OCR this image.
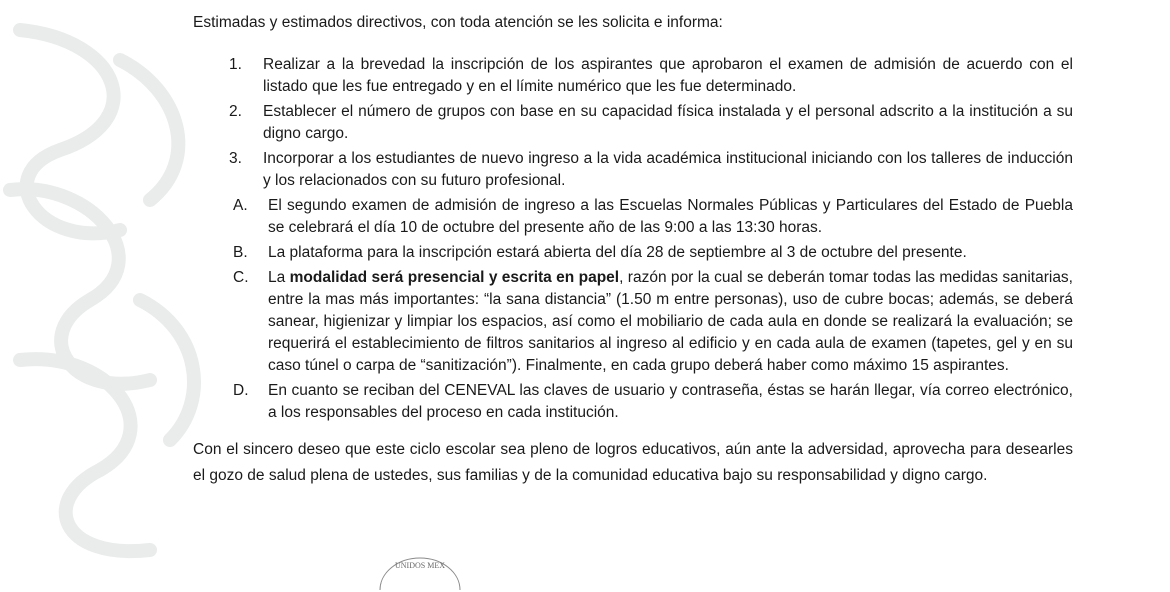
Estimadas y estimados directivos, con toda atención se les solicita e informa:

1. Realizar a la brevedad la inscripción de los aspirantes que aprobaron el examen de admisión de acuerdo con el listado que les fue entregado y en el límite numérico que les fue determinado.
2. Establecer el número de grupos con base en su capacidad física instalada y el personal adscrito a la institución a su digno cargo.
3. Incorporar a los estudiantes de nuevo ingreso a la vida académica institucional iniciando con los talleres de inducción y los relacionados con su futuro profesional.
A. El segundo examen de admisión de ingreso a las Escuelas Normales Públicas y Particulares del Estado de Puebla se celebrará el día 10 de octubre del presente año de las 9:00 a las 13:30 horas.
B. La plataforma para la inscripción estará abierta del día 28 de septiembre al 3 de octubre del presente.
C. La modalidad será presencial y escrita en papel, razón por la cual se deberán tomar todas las medidas sanitarias, entre la mas más importantes: “la sana distancia” (1.50 m entre personas), uso de cubre bocas; además, se deberá sanear, higienizar y limpiar los espacios, así como el mobiliario de cada aula en donde se realizará la evaluación; se requerirá el establecimiento de filtros sanitarios al ingreso al edificio y en cada aula de examen (tapetes, gel y en su caso túnel o carpa de “sanitización”). Finalmente, en cada grupo deberá haber como máximo 15 aspirantes.
D. En cuanto se reciban del CENEVAL las claves de usuario y contraseña, éstas se harán llegar, vía correo electrónico, a los responsables del proceso en cada institución.

Con el sincero deseo que este ciclo escolar sea pleno de logros educativos, aún ante la adversidad, aprovecha para desearles el gozo de salud plena de ustedes, sus familias y de la comunidad educativa bajo su responsabilidad y digno cargo.

UNIDOS MEX
